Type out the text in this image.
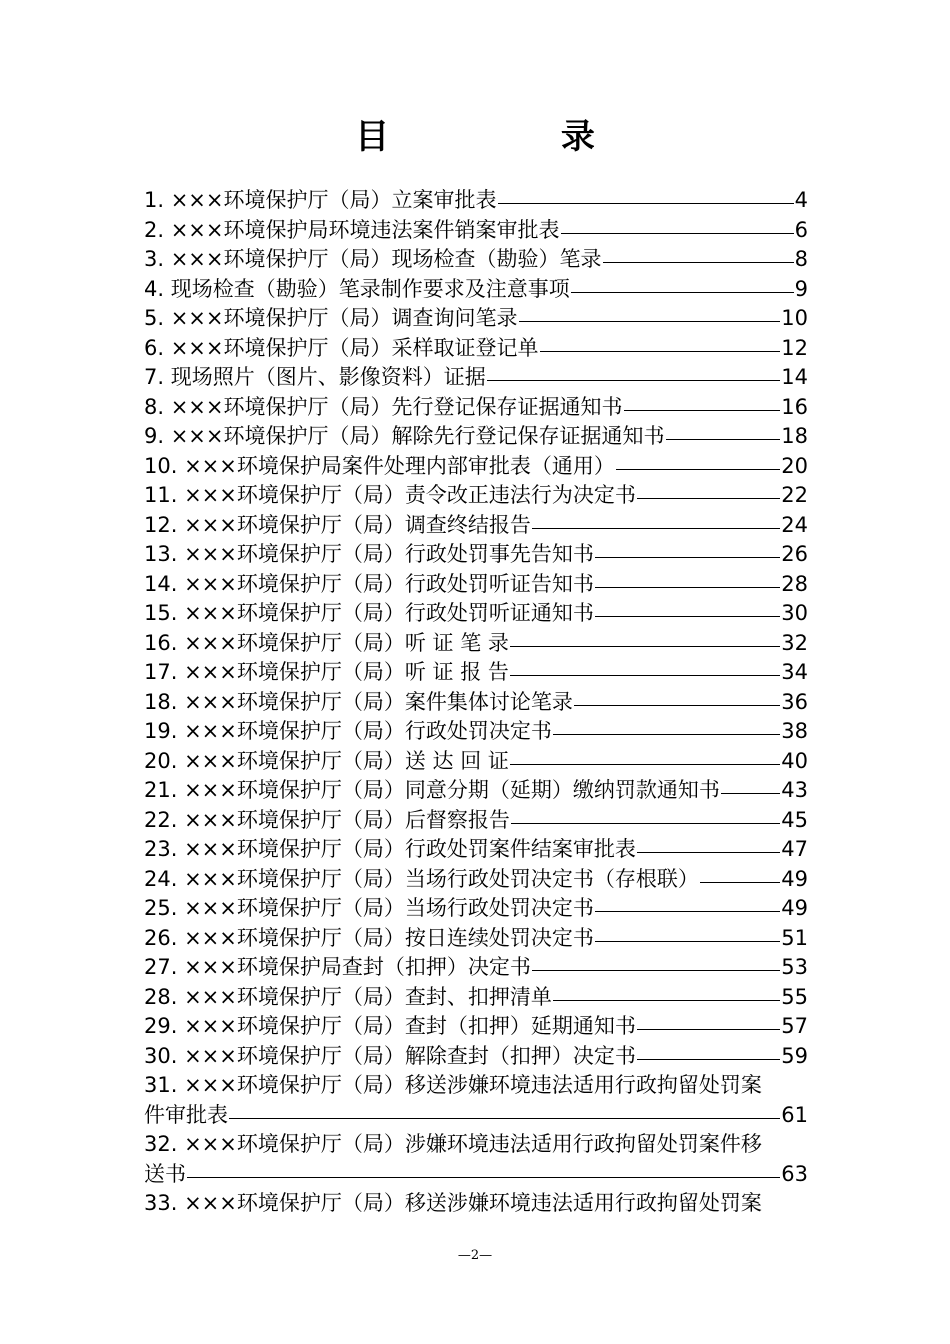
目 录
1. ×××环境保护厅（局）立案审批表	4
2. ×××环境保护局环境违法案件销案审批表	6
3. ×××环境保护厅（局）现场检查（勘验）笔录	8
4. 现场检查（勘验）笔录制作要求及注意事项	9
5. ×××环境保护厅（局）调查询问笔录	10
6. ×××环境保护厅（局）采样取证登记单	12
7. 现场照片（图片、影像资料）证据	14
8. ×××环境保护厅（局）先行登记保存证据通知书	16
9. ×××环境保护厅（局）解除先行登记保存证据通知书	18
10. ×××环境保护局案件处理内部审批表（通用）	20
11. ×××环境保护厅（局）责令改正违法行为决定书	22
12. ×××环境保护厅（局）调查终结报告	24
13. ×××环境保护厅（局）行政处罚事先告知书	26
14. ×××环境保护厅（局）行政处罚听证告知书	28
15. ×××环境保护厅（局）行政处罚听证通知书	30
16. ×××环境保护厅（局）听 证 笔 录	32
17. ×××环境保护厅（局）听 证 报 告	34
18. ×××环境保护厅（局）案件集体讨论笔录	36
19. ×××环境保护厅（局）行政处罚决定书	38
20. ×××环境保护厅（局）送 达 回 证	40
21. ×××环境保护厅（局）同意分期（延期）缴纳罚款通知书	43
22. ×××环境保护厅（局）后督察报告	45
23. ×××环境保护厅（局）行政处罚案件结案审批表	47
24. ×××环境保护厅（局）当场行政处罚决定书（存根联）	49
25. ×××环境保护厅（局）当场行政处罚决定书	49
26. ×××环境保护厅（局）按日连续处罚决定书	51
27. ×××环境保护局查封（扣押）决定书	53
28. ×××环境保护厅（局）查封、扣押清单	55
29. ×××环境保护厅（局）查封（扣押）延期通知书	57
30. ×××环境保护厅（局）解除查封（扣押）决定书	59
31. ×××环境保护厅（局）移送涉嫌环境违法适用行政拘留处罚案
件审批表	61
32. ×××环境保护厅（局）涉嫌环境违法适用行政拘留处罚案件移
送书	63
33. ×××环境保护厅（局）移送涉嫌环境违法适用行政拘留处罚案
—2—
